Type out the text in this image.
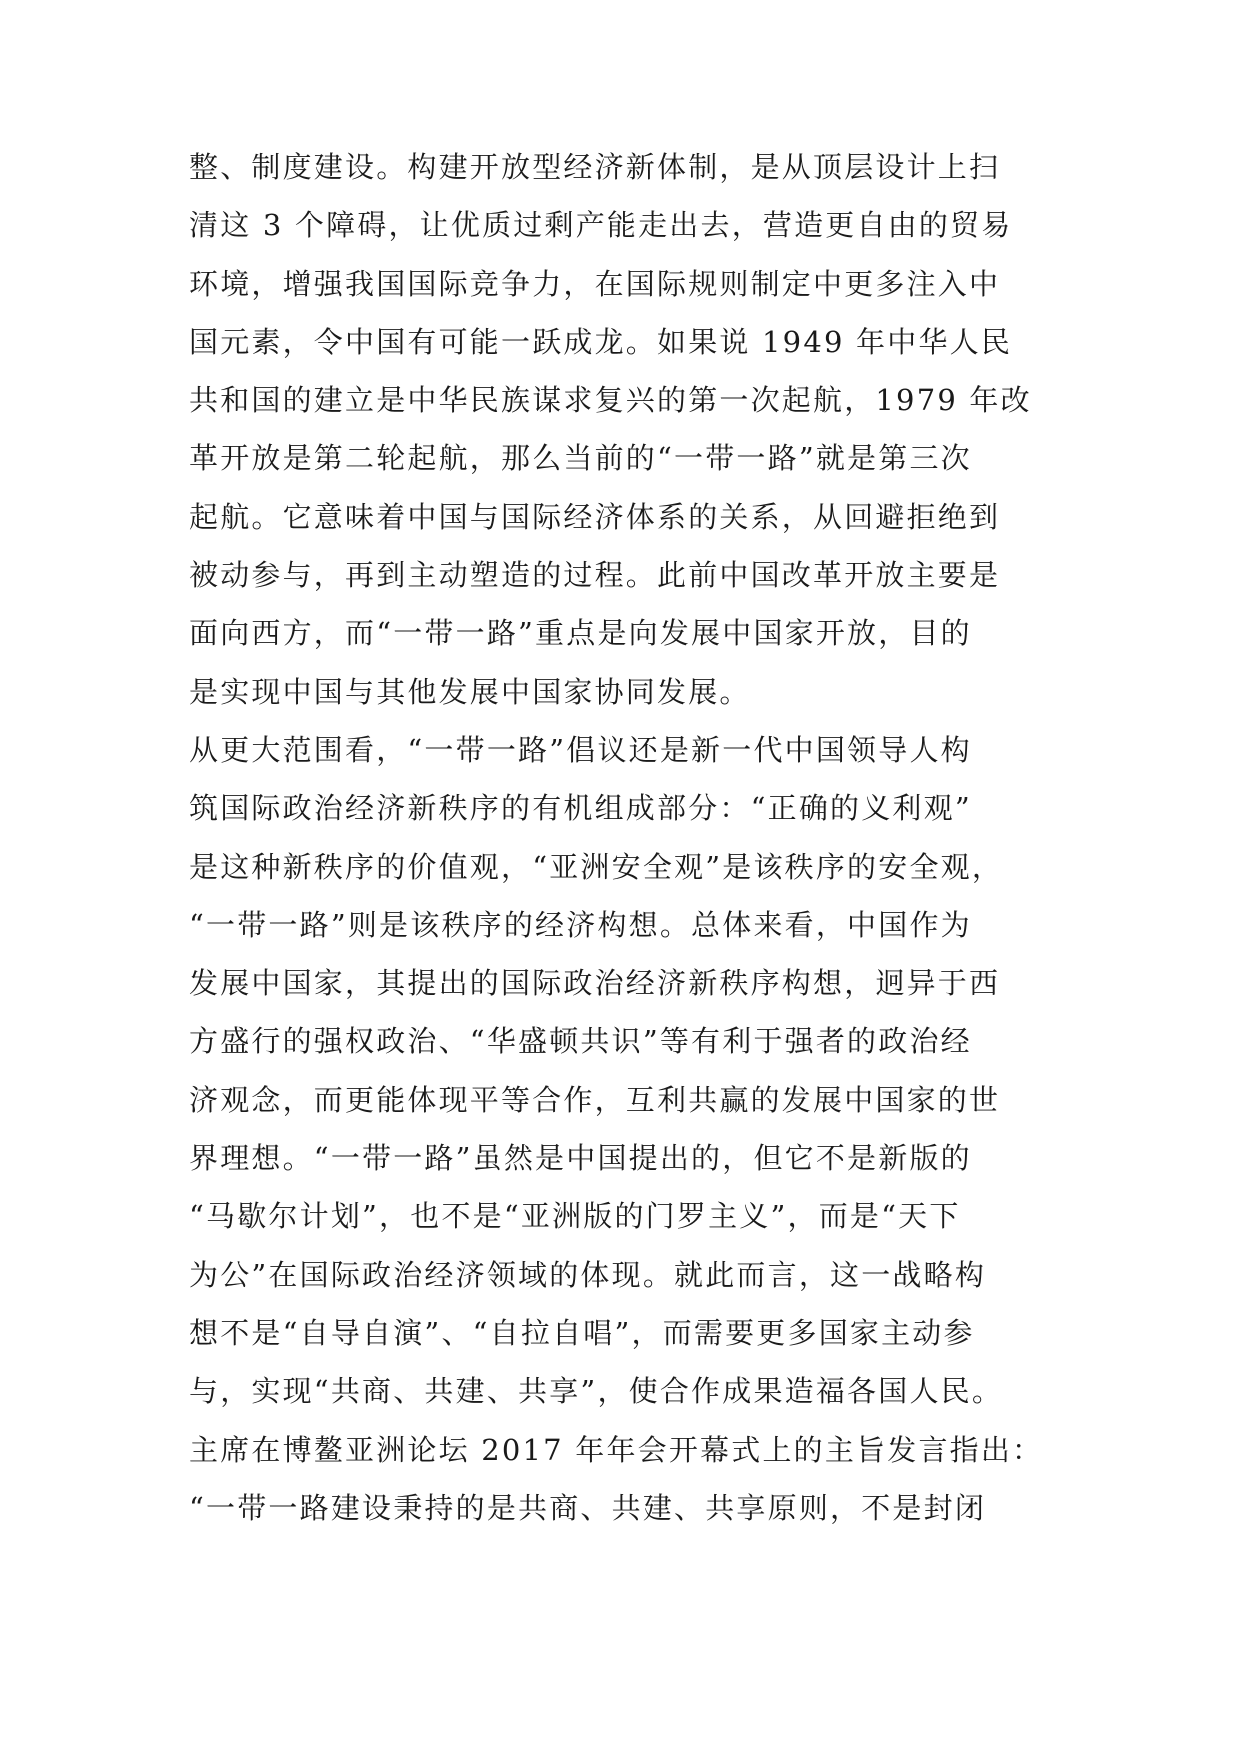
整、制度建设。构建开放型经济新体制，是从顶层设计上扫
清这 3 个障碍，让优质过剩产能走出去，营造更自由的贸易
环境，增强我国国际竞争力，在国际规则制定中更多注入中
国元素，令中国有可能一跃成龙。如果说 1949 年中华人民
共和国的建立是中华民族谋求复兴的第一次起航，1979 年改
革开放是第二轮起航，那么当前的“一带一路”就是第三次
起航。它意味着中国与国际经济体系的关系，从回避拒绝到
被动参与，再到主动塑造的过程。此前中国改革开放主要是
面向西方，而“一带一路”重点是向发展中国家开放，目的
是实现中国与其他发展中国家协同发展。
从更大范围看，“一带一路”倡议还是新一代中国领导人构
筑国际政治经济新秩序的有机组成部分：“正确的义利观”
是这种新秩序的价值观，“亚洲安全观”是该秩序的安全观，
“一带一路”则是该秩序的经济构想。总体来看，中国作为
发展中国家，其提出的国际政治经济新秩序构想，迥异于西
方盛行的强权政治、“华盛顿共识”等有利于强者的政治经
济观念，而更能体现平等合作，互利共赢的发展中国家的世
界理想。“一带一路”虽然是中国提出的，但它不是新版的
“马歇尔计划”，也不是“亚洲版的门罗主义”，而是“天下
为公”在国际政治经济领域的体现。就此而言，这一战略构
想不是“自导自演”、“自拉自唱”，而需要更多国家主动参
与，实现“共商、共建、共享”，使合作成果造福各国人民。
主席在博鳌亚洲论坛 2017 年年会开幕式上的主旨发言指出：
“一带一路建设秉持的是共商、共建、共享原则，不是封闭
